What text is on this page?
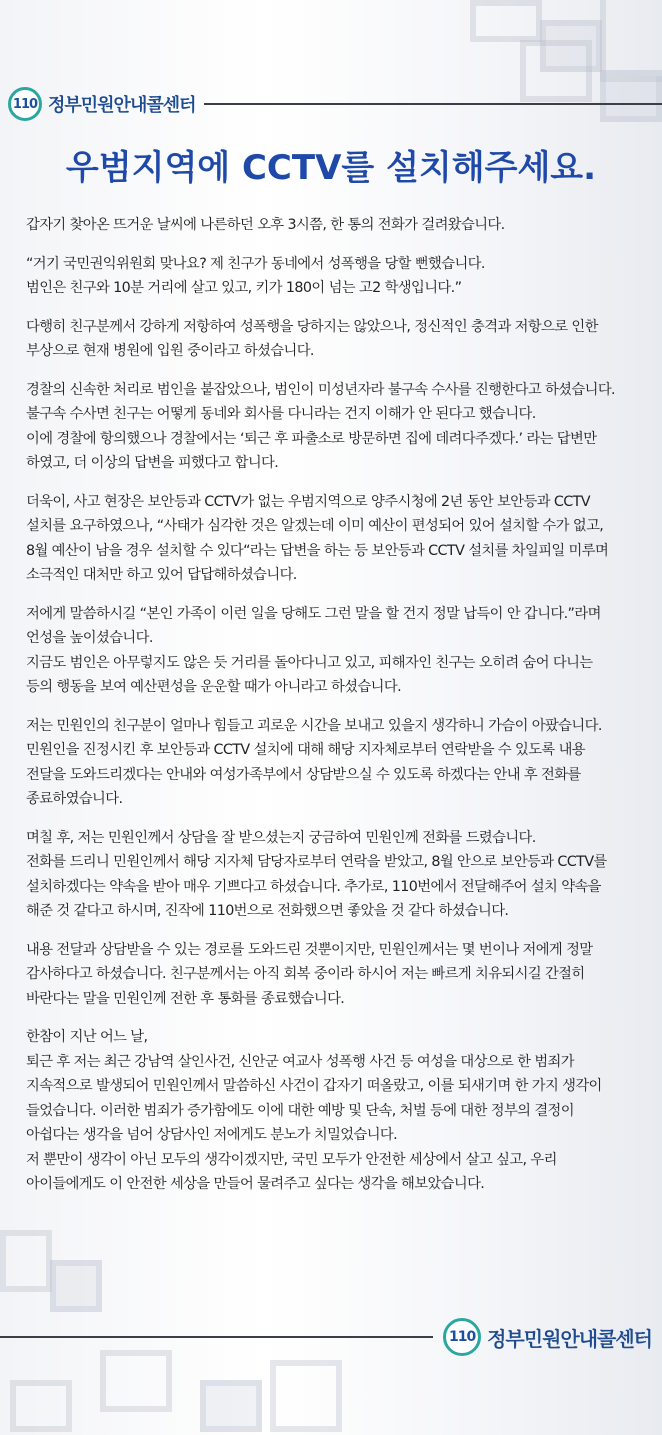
110 정부민원안내콜센터
우범지역에 CCTV를 설치해주세요.

갑자기 찾아온 뜨거운 날씨에 나른하던 오후 3시쯤, 한 통의 전화가 걸려왔습니다.

“거기 국민권익위원회 맞나요? 제 친구가 동네에서 성폭행을 당할 뻔했습니다.
범인은 친구와 10분 거리에 살고 있고, 키가 180이 넘는 고2 학생입니다.”

다행히 친구분께서 강하게 저항하여 성폭행을 당하지는 않았으나, 정신적인 충격과 저항으로 인한
부상으로 현재 병원에 입원 중이라고 하셨습니다.

경찰의 신속한 처리로 범인을 붙잡았으나, 범인이 미성년자라 불구속 수사를 진행한다고 하셨습니다.
불구속 수사면 친구는 어떻게 동네와 회사를 다니라는 건지 이해가 안 된다고 했습니다.
이에 경찰에 항의했으나 경찰에서는 ‘퇴근 후 파출소로 방문하면 집에 데려다주겠다.’ 라는 답변만
하였고, 더 이상의 답변을 피했다고 합니다.

더욱이, 사고 현장은 보안등과 CCTV가 없는 우범지역으로 양주시청에 2년 동안 보안등과 CCTV
설치를 요구하였으나, “사태가 심각한 것은 알겠는데 이미 예산이 편성되어 있어 설치할 수가 없고,
8월 예산이 남을 경우 설치할 수 있다“라는 답변을 하는 등 보안등과 CCTV 설치를 차일피일 미루며
소극적인 대처만 하고 있어 답답해하셨습니다.

저에게 말씀하시길 “본인 가족이 이런 일을 당해도 그런 말을 할 건지 정말 납득이 안 갑니다.”라며
언성을 높이셨습니다.
지금도 범인은 아무렇지도 않은 듯 거리를 돌아다니고 있고, 피해자인 친구는 오히려 숨어 다니는
등의 행동을 보여 예산편성을 운운할 때가 아니라고 하셨습니다.

저는 민원인의 친구분이 얼마나 힘들고 괴로운 시간을 보내고 있을지 생각하니 가슴이 아팠습니다.
민원인을 진정시킨 후 보안등과 CCTV 설치에 대해 해당 지자체로부터 연락받을 수 있도록 내용
전달을 도와드리겠다는 안내와 여성가족부에서 상담받으실 수 있도록 하겠다는 안내 후 전화를
종료하였습니다.

며칠 후, 저는 민원인께서 상담을 잘 받으셨는지 궁금하여 민원인께 전화를 드렸습니다.
전화를 드리니 민원인께서 해당 지자체 담당자로부터 연락을 받았고, 8월 안으로 보안등과 CCTV를
설치하겠다는 약속을 받아 매우 기쁘다고 하셨습니다. 추가로, 110번에서 전달해주어 설치 약속을
해준 것 같다고 하시며, 진작에 110번으로 전화했으면 좋았을 것 같다 하셨습니다.

내용 전달과 상담받을 수 있는 경로를 도와드린 것뿐이지만, 민원인께서는 몇 번이나 저에게 정말
감사하다고 하셨습니다. 친구분께서는 아직 회복 중이라 하시어 저는 빠르게 치유되시길 간절히
바란다는 말을 민원인께 전한 후 통화를 종료했습니다.

한참이 지난 어느 날,
퇴근 후 저는 최근 강남역 살인사건, 신안군 여교사 성폭행 사건 등 여성을 대상으로 한 범죄가
지속적으로 발생되어 민원인께서 말씀하신 사건이 갑자기 떠올랐고, 이를 되새기며 한 가지 생각이
들었습니다. 이러한 범죄가 증가함에도 이에 대한 예방 및 단속, 처벌 등에 대한 정부의 결정이
아쉽다는 생각을 넘어 상담사인 저에게도 분노가 치밀었습니다.
저 뿐만이 생각이 아닌 모두의 생각이겠지만, 국민 모두가 안전한 세상에서 살고 싶고, 우리
아이들에게도 이 안전한 세상을 만들어 물려주고 싶다는 생각을 해보았습니다.

110 정부민원안내콜센터
